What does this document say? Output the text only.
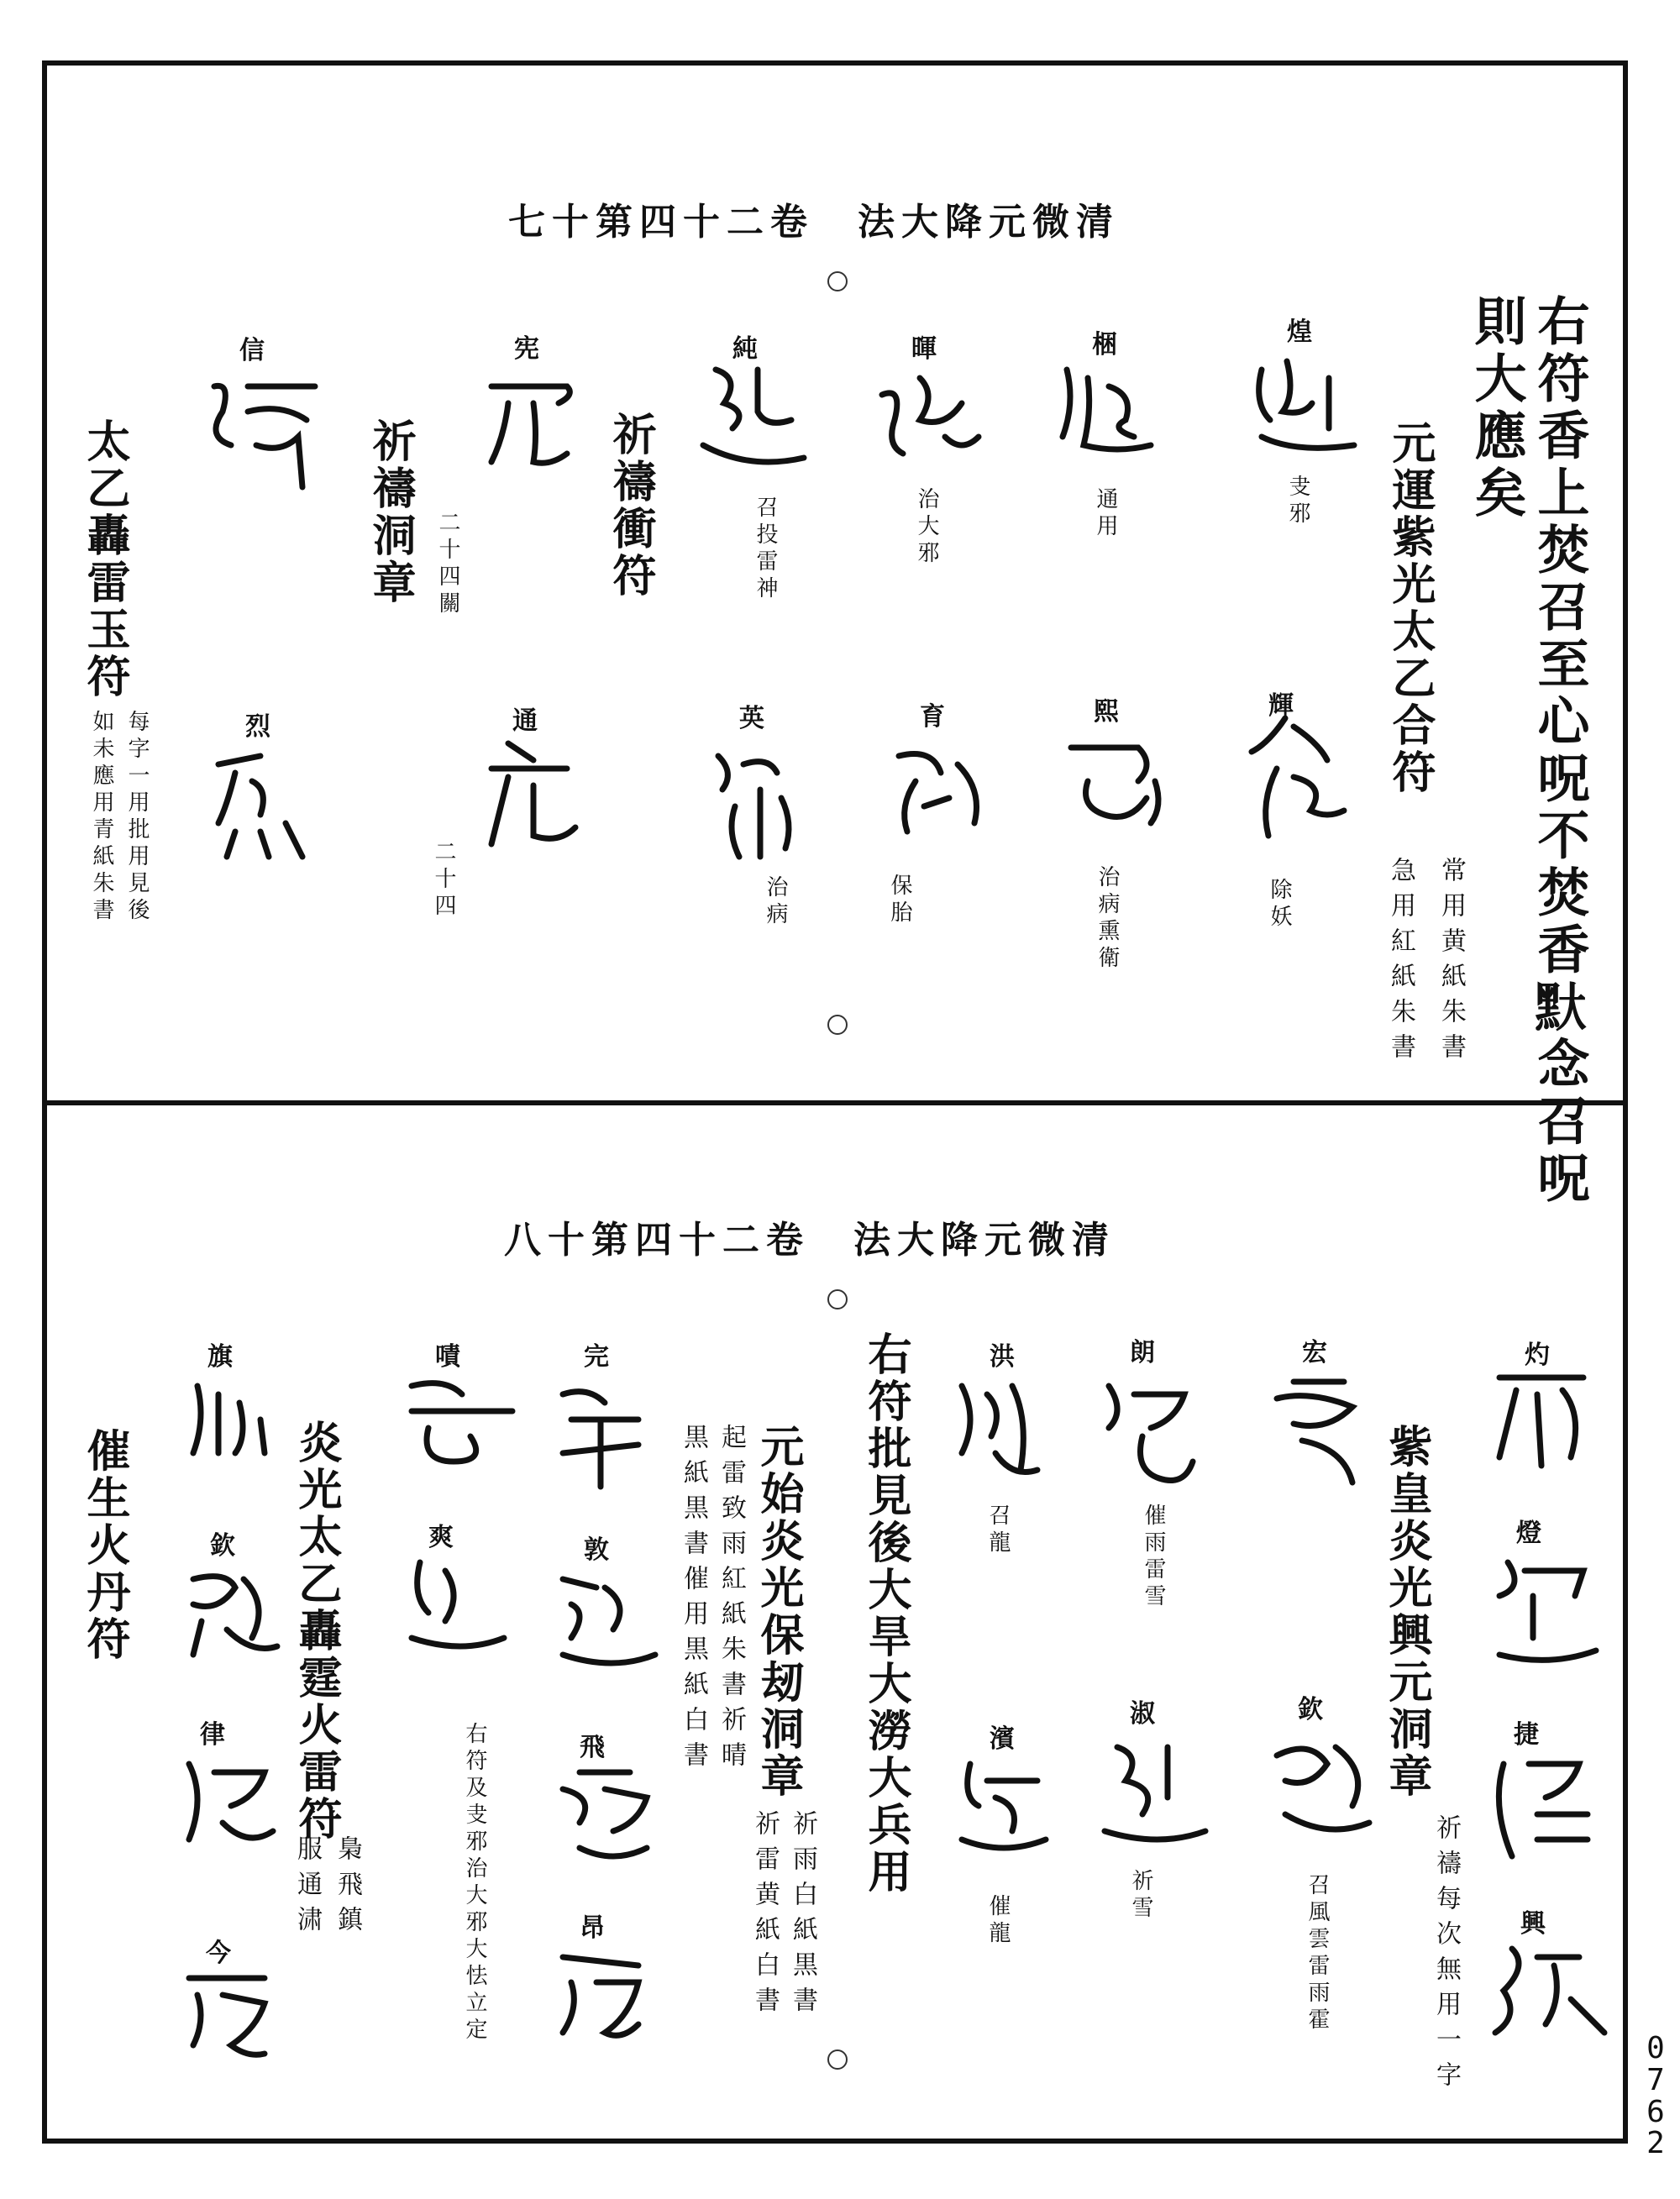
七十第四十二卷　法大降元微清
右符香上焚召至心呪不焚香𪐝念召呪
則大應矣
元運紫光太乙合符
常用黄紙朱書
急用紅紙朱書
祈禱衝符
祈禱洞章
太乙轟雷玉符
每字一用批用見後
如未應用青紙朱書
煌
叏邪
梱
通用
暉
治大邪
純
召投雷神
宪
二十四關
信
輝
除妖
熙
治病熏衛
育
保胎
英
治病
通
二十四
烈
八十第四十二卷　法大降元微清
紫皇炎光興元洞章
祈禱每次無用一字
右符批見後大旱大澇大兵用
元始炎光保刼洞章
祈雨白紙黒書
祈雷黄紙白書
起雷致雨紅紙朱書祈晴
黒紙黒書催用黒紙白書
炎光太乙轟霆火雷符
梟飛鎮
服通㴋
催生火丹符
灼
燈
捷
興
宏
欽
召風雲雷雨霍
朗
催雨雷雪
淑
祈雪
洪
召龍
濱
催龍
完
敦
飛
昂
嘖
爽
右符及叏邪治大邪大怯立定
旗
欽
律
今
0762
